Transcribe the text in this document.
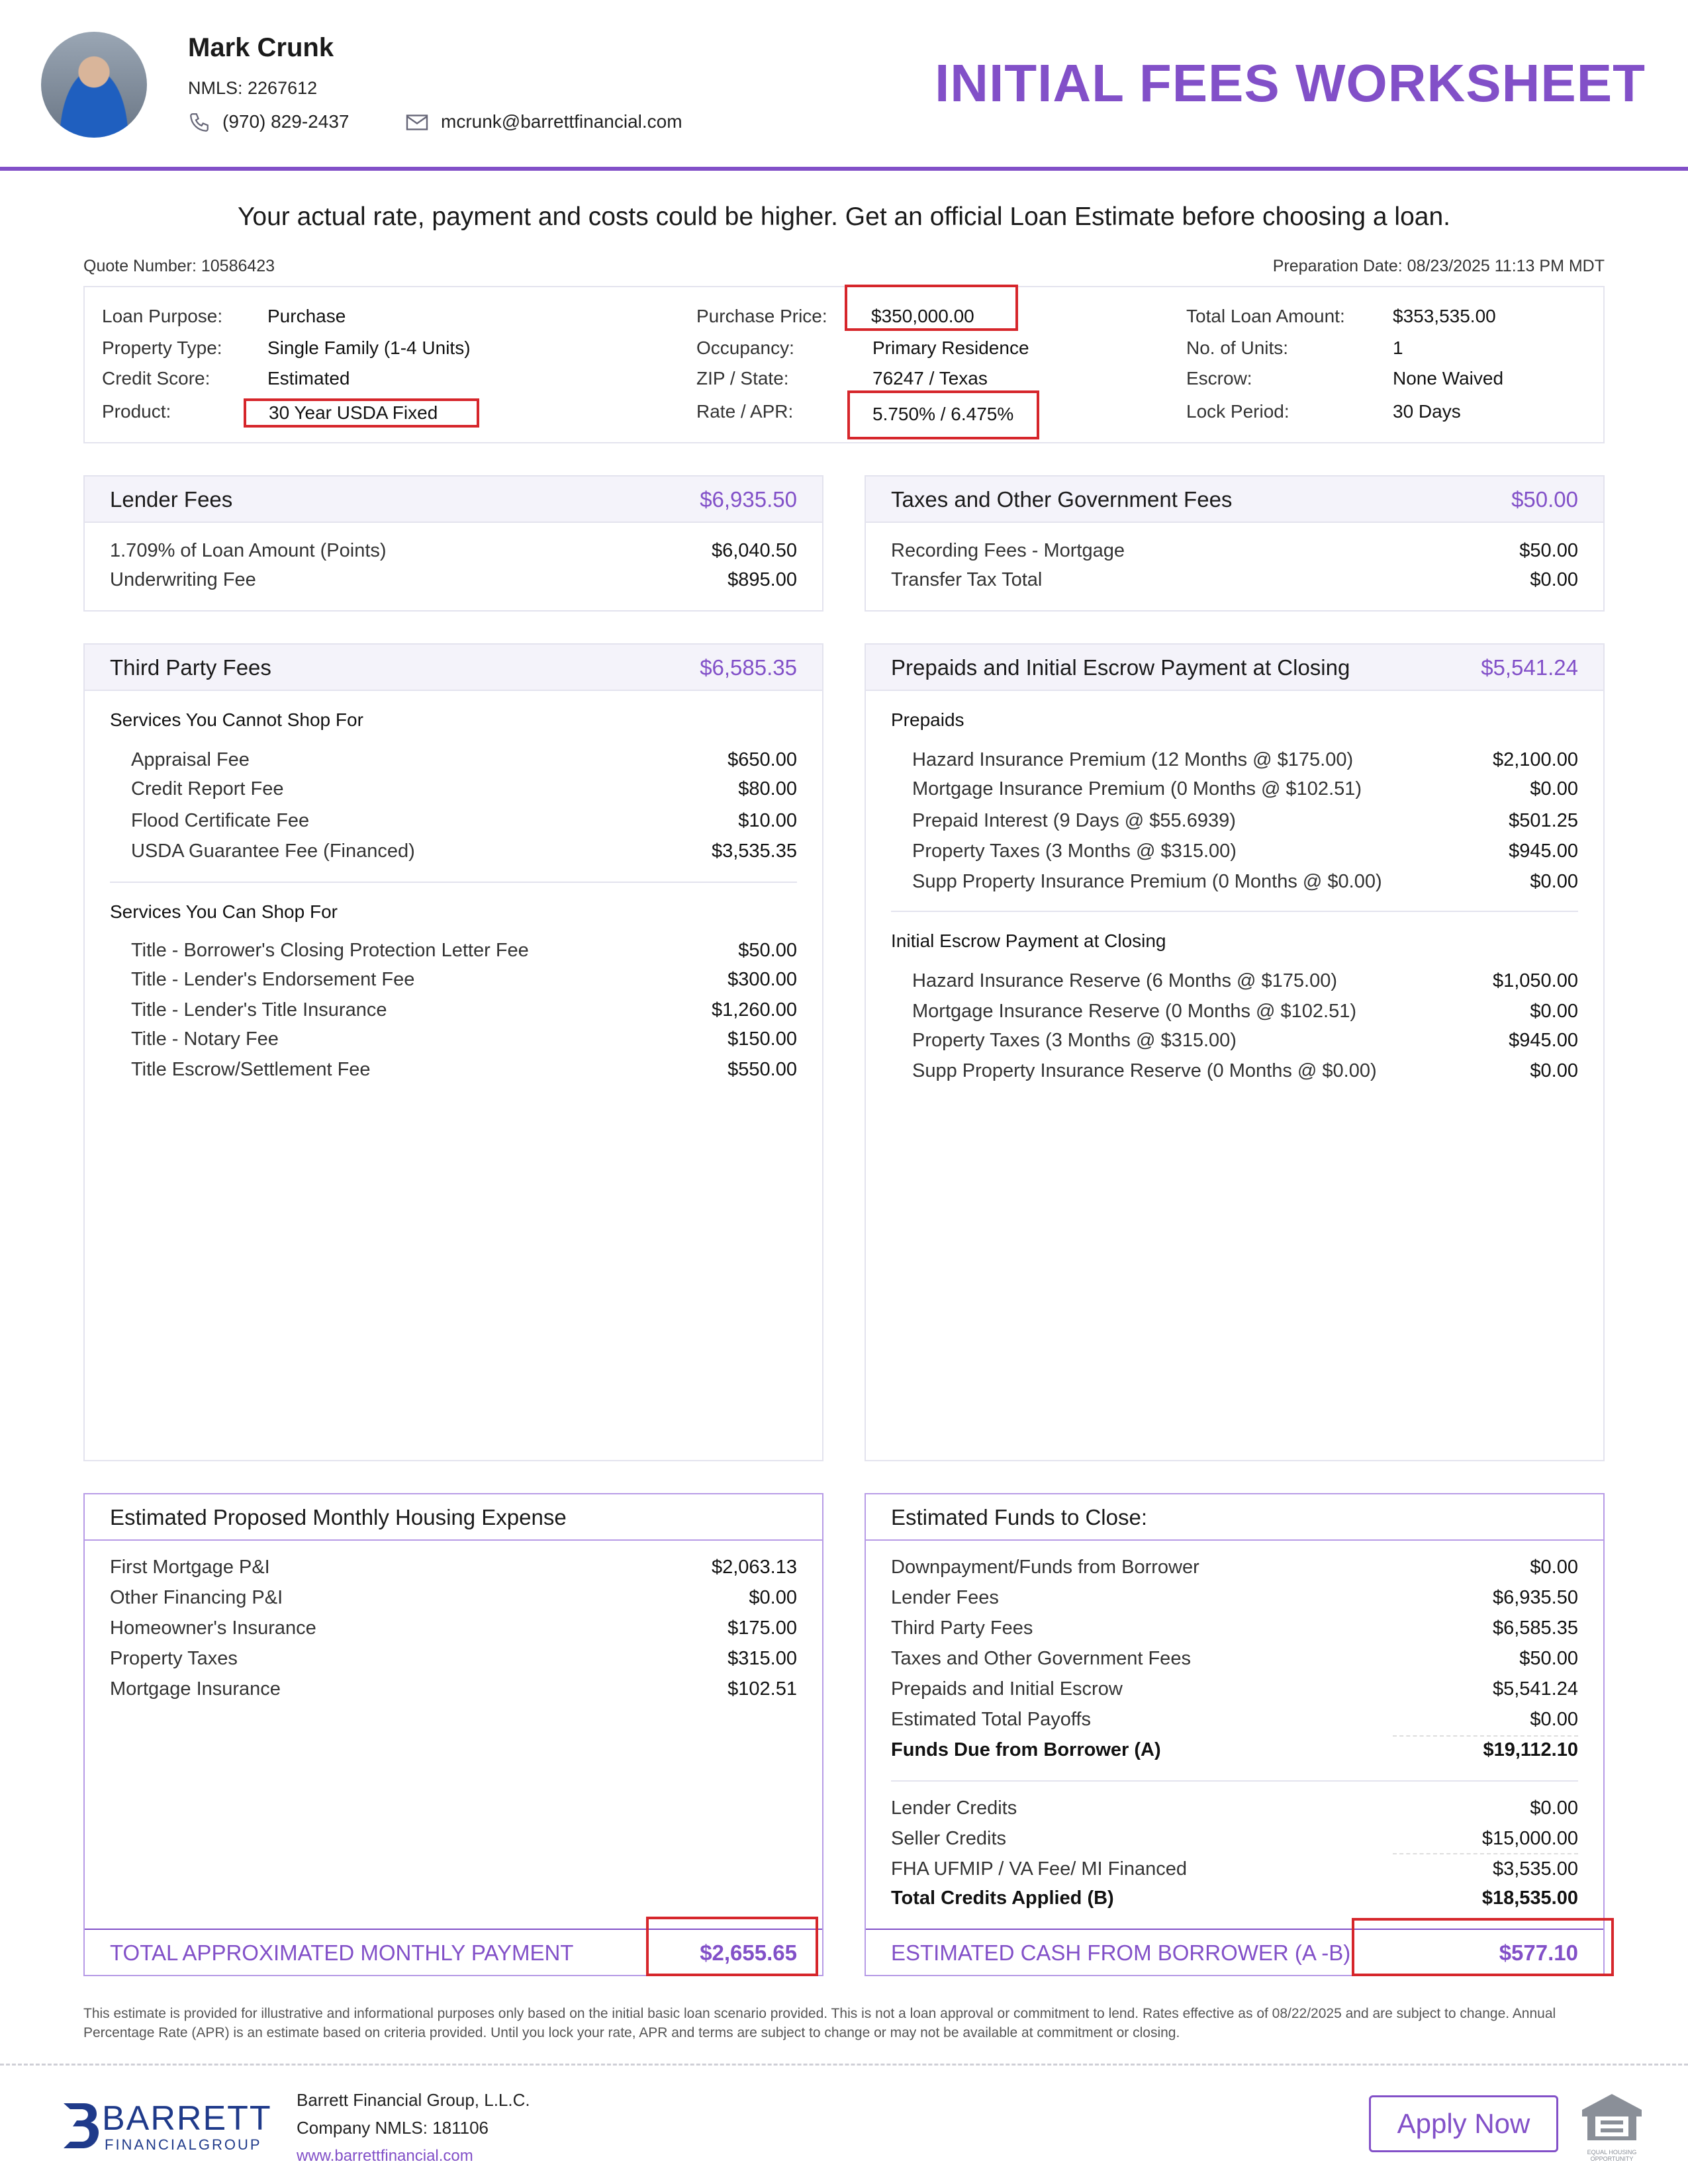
Mark Crunk
NMLS: 2267612
(970) 829-2437	mcrunk@barrettfinancial.com
INITIAL FEES WORKSHEET
Your actual rate, payment and costs could be higher. Get an official Loan Estimate before choosing a loan.
Quote Number: 10586423	Preparation Date: 08/23/2025 11:13 PM MDT
Loan Purpose: Purchase
Property Type: Single Family (1-4 Units)
Credit Score:	Estimated
Product:	30 Year USDA Fixed
Purchase Price:	$350,000.00
Occupancy:	Primary Residence
ZIP / State:	76247 / Texas
Rate / APR:	5.750% / 6.475%
Total Loan Amount:	$353,535.00
No. of Units:	1
Escrow:	None Waived
Lock Period:	30 Days
Lender Fees	$6,935.50
1.709% of Loan Amount (Points)	$6,040.50
Underwriting Fee	$895.00
Taxes and Other Government Fees	$50.00
Recording Fees - Mortgage	$50.00
Transfer Tax Total	$0.00
Third Party Fees	$6,585.35
Services You Cannot Shop For
Appraisal Fee	$650.00
Credit Report Fee	$80.00
Flood Certificate Fee	$10.00
USDA Guarantee Fee (Financed)	$3,535.35
Services You Can Shop For
Title - Borrower's Closing Protection Letter Fee	$50.00
Title - Lender's Endorsement Fee	$300.00
Title - Lender's Title Insurance	$1,260.00
Title - Notary Fee	$150.00
Title Escrow/Settlement Fee	$550.00
Prepaids and Initial Escrow Payment at Closing	$5,541.24
Prepaids
Hazard Insurance Premium (12 Months @ $175.00)	$2,100.00
Mortgage Insurance Premium (0 Months @ $102.51)	$0.00
Prepaid Interest (9 Days @ $55.6939)	$501.25
Property Taxes (3 Months @ $315.00)	$945.00
Supp Property Insurance Premium (0 Months @ $0.00)	$0.00
Initial Escrow Payment at Closing
Hazard Insurance Reserve (6 Months @ $175.00)	$1,050.00
Mortgage Insurance Reserve (0 Months @ $102.51)	$0.00
Property Taxes (3 Months @ $315.00)	$945.00
Supp Property Insurance Reserve (0 Months @ $0.00)	$0.00
Estimated Proposed Monthly Housing Expense
First Mortgage P&I	$2,063.13
Other Financing P&I	$0.00
Homeowner's Insurance	$175.00
Property Taxes	$315.00
Mortgage Insurance	$102.51
TOTAL APPROXIMATED MONTHLY PAYMENT	$2,655.65
Estimated Funds to Close:
Downpayment/Funds from Borrower	$0.00
Lender Fees	$6,935.50
Third Party Fees	$6,585.35
Taxes and Other Government Fees	$50.00
Prepaids and Initial Escrow	$5,541.24
Estimated Total Payoffs	$0.00
Funds Due from Borrower (A)	$19,112.10
Lender Credits	$0.00
Seller Credits	$15,000.00
FHA UFMIP / VA Fee/ MI Financed	$3,535.00
Total Credits Applied (B)	$18,535.00
ESTIMATED CASH FROM BORROWER (A -B)	$577.10
This estimate is provided for illustrative and informational purposes only based on the initial basic loan scenario provided. This is not a loan approval or commitment to lend. Rates effective as of 08/22/2025 and are subject to change. Annual Percentage Rate (APR) is an estimate based on criteria provided. Until you lock your rate, APR and terms are subject to change or may not be available at commitment or closing.
BARRETT
FINANCIALGROUP
Barrett Financial Group, L.L.C.
Company NMLS: 181106
www.barrettfinancial.com
Apply Now
EQUAL HOUSING OPPORTUNITY
